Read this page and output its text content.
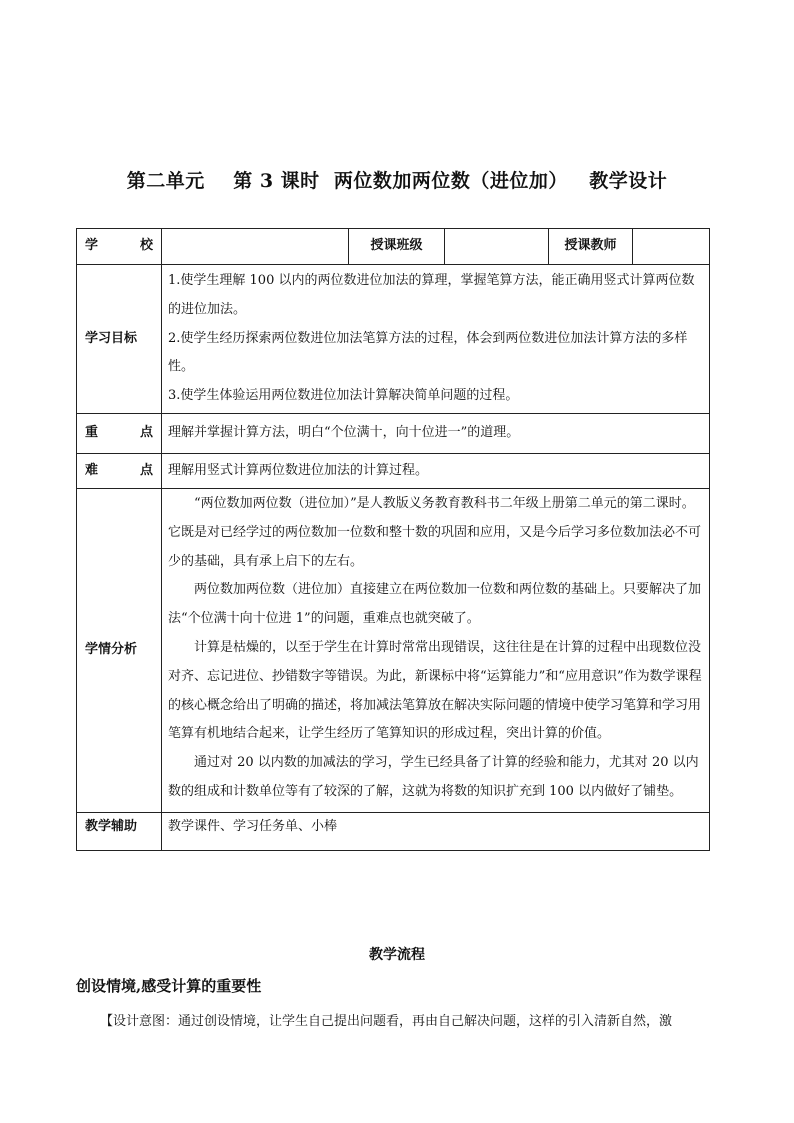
第二单元    第 3 课时  两位数加两位数（进位加）   教学设计
学 校		授课班级		授课教师	
学习目标	1.使学生理解 100 以内的两位数进位加法的算理，掌握笔算方法，能正确用竖式计算两位数的进位加法。

2.使学生经历探索两位数进位加法笔算方法的过程，体会到两位数进位加法计算方法的多样性。

3.使学生体验运用两位数进位加法计算解决简单问题的过程。				

重 点	理解并掌握计算方法，明白“个位满十，向十位进一”的道理。				

难 点	理解用竖式计算两位数进位加法的计算过程。				
学情分析	“两位数加两位数（进位加）”是人教版义务教育教科书二年级上册第二单元的第二课时。它既是对已经学过的两位数加一位数和整十数的巩固和应用，又是今后学习多位数加法必不可少的基础，具有承上启下的左右。

两位数加两位数（进位加）直接建立在两位数加一位数和两位数的基础上。只要解决了加法“个位满十向十位进 1”的问题，重难点也就突破了。

计算是枯燥的，以至于学生在计算时常常出现错误，这往往是在计算的过程中出现数位没对齐、忘记进位、抄错数字等错误。为此，新课标中将“运算能力”和“应用意识”作为数学课程的核心概念给出了明确的描述，将加减法笔算放在解决实际问题的情境中使学习笔算和学习用笔算有机地结合起来，让学生经历了笔算知识的形成过程，突出计算的价值。

通过对 20 以内数的加减法的学习，学生已经具备了计算的经验和能力，尤其对 20 以内数的组成和计数单位等有了较深的了解，这就为将数的知识扩充到 100 以内做好了铺垫。				

教学辅助	教学课件、学习任务单、小棒				
教学流程
创设情境,感受计算的重要性
【设计意图：通过创设情境，让学生自己提出问题看，再由自己解决问题，这样的引入清新自然，激
